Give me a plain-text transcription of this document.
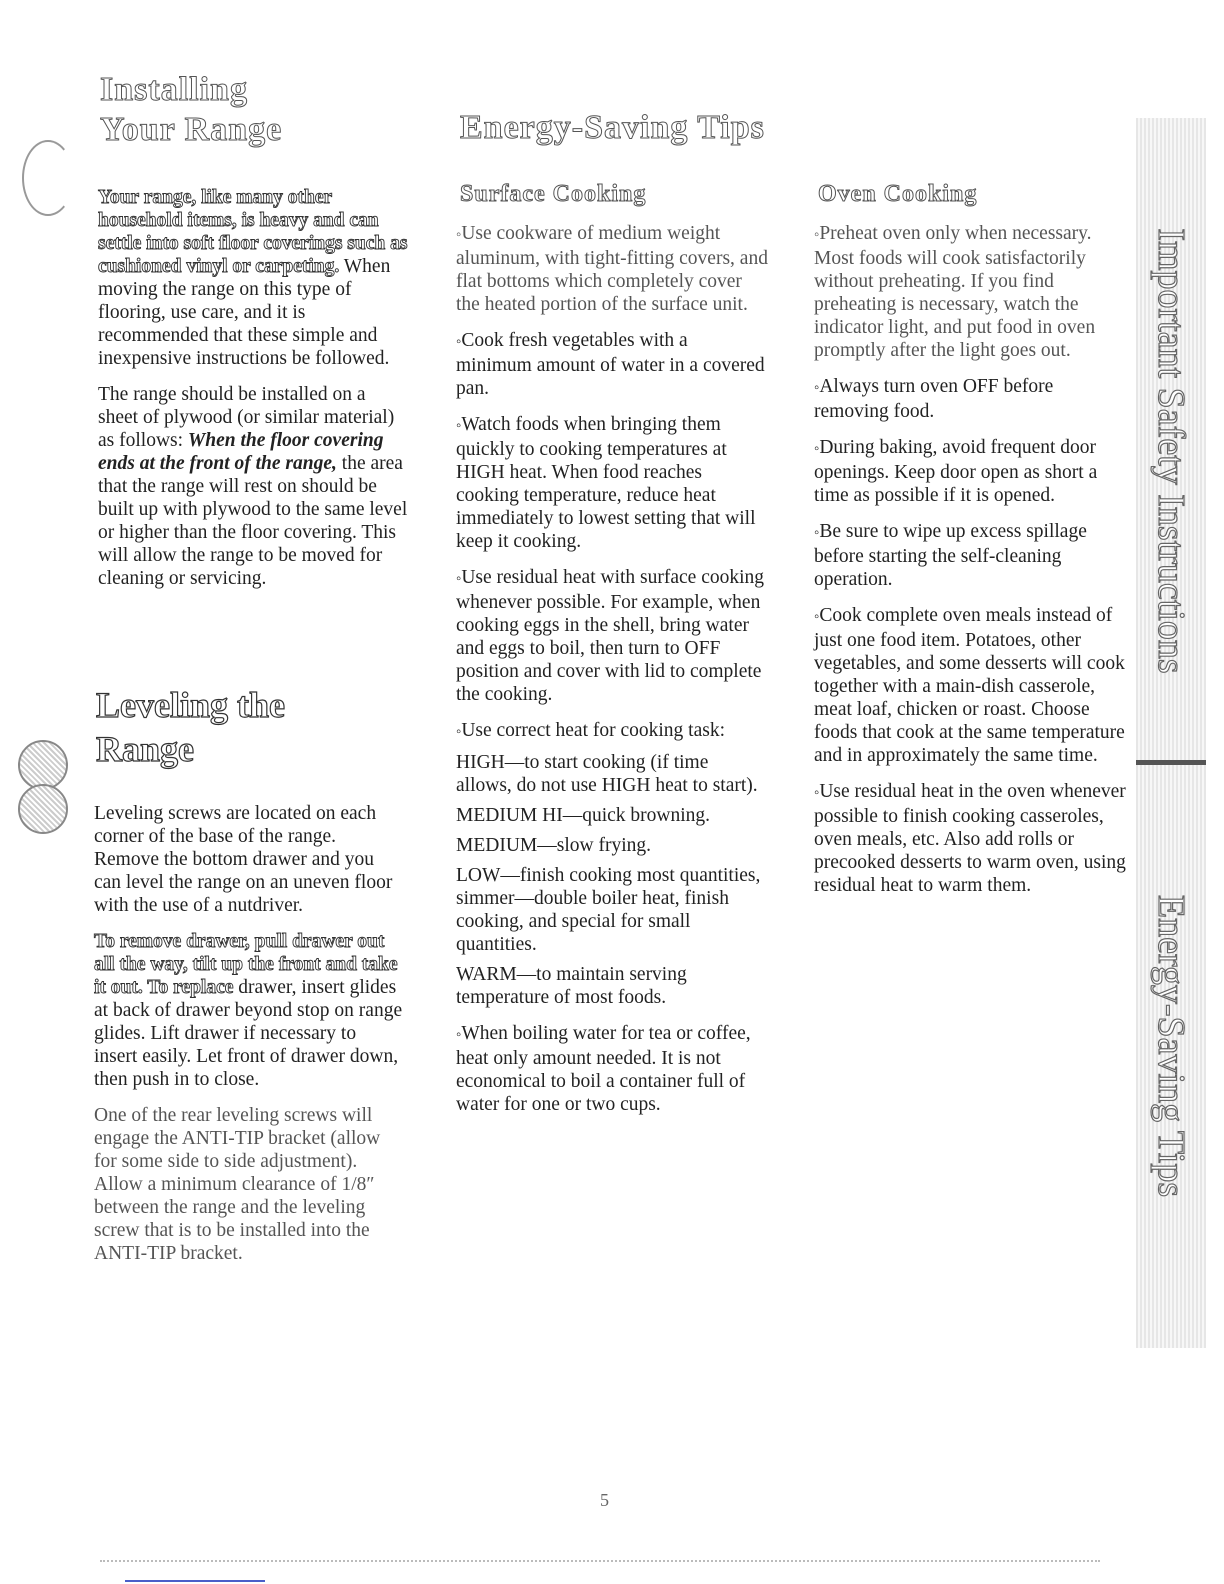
Installing
Your Range

Your range, like many other household items, is heavy and can settle into soft floor coverings such as cushioned vinyl or carpeting. When moving the range on this type of flooring, use care, and it is recommended that these simple and inexpensive instructions be followed.

The range should be installed on a sheet of plywood (or similar material) as follows: When the floor covering ends at the front of the range, the area that the range will rest on should be built up with plywood to the same level or higher than the floor covering. This will allow the range to be moved for cleaning or servicing.

Leveling the
Range

Leveling screws are located on each corner of the base of the range. Remove the bottom drawer and you can level the range on an uneven floor with the use of a nutdriver.

To remove drawer, pull drawer out all the way, tilt up the front and take it out. To replace drawer, insert glides at back of drawer beyond stop on range glides. Lift drawer if necessary to insert easily. Let front of drawer down, then push in to close.

One of the rear leveling screws will engage the ANTI-TIP bracket (allow for some side to side adjustment). Allow a minimum clearance of 1/8″ between the range and the leveling screw that is to be installed into the ANTI-TIP bracket.

Energy-Saving Tips
Surface Cooking

◦ Use cookware of medium weight aluminum, with tight-fitting covers, and flat bottoms which completely cover the heated portion of the surface unit.

◦ Cook fresh vegetables with a minimum amount of water in a covered pan.

◦ Watch foods when bringing them quickly to cooking temperatures at HIGH heat. When food reaches cooking temperature, reduce heat immediately to lowest setting that will keep it cooking.

◦ Use residual heat with surface cooking whenever possible. For example, when cooking eggs in the shell, bring water and eggs to boil, then turn to OFF position and cover with lid to complete the cooking.

◦ Use correct heat for cooking task:

HIGH—to start cooking (if time allows, do not use HIGH heat to start).

MEDIUM HI—quick browning.

MEDIUM—slow frying.

LOW—finish cooking most quantities, simmer—double boiler heat, finish cooking, and special for small quantities.

WARM—to maintain serving temperature of most foods.

◦ When boiling water for tea or coffee, heat only amount needed. It is not economical to boil a container full of water for one or two cups.

Oven Cooking

◦ Preheat oven only when necessary. Most foods will cook satisfactorily without preheating. If you find preheating is necessary, watch the indicator light, and put food in oven promptly after the light goes out.

◦ Always turn oven OFF before removing food.

◦ During baking, avoid frequent door openings. Keep door open as short a time as possible if it is opened.

◦ Be sure to wipe up excess spillage before starting the self-cleaning operation.

◦ Cook complete oven meals instead of just one food item. Potatoes, other vegetables, and some desserts will cook together with a main-dish casserole, meat loaf, chicken or roast. Choose foods that cook at the same temperature and in approximately the same time.

◦ Use residual heat in the oven whenever possible to finish cooking casseroles, oven meals, etc. Also add rolls or precooked desserts to warm oven, using residual heat to warm them.

Important Safety Instructions
Energy-Saving Tips
5
